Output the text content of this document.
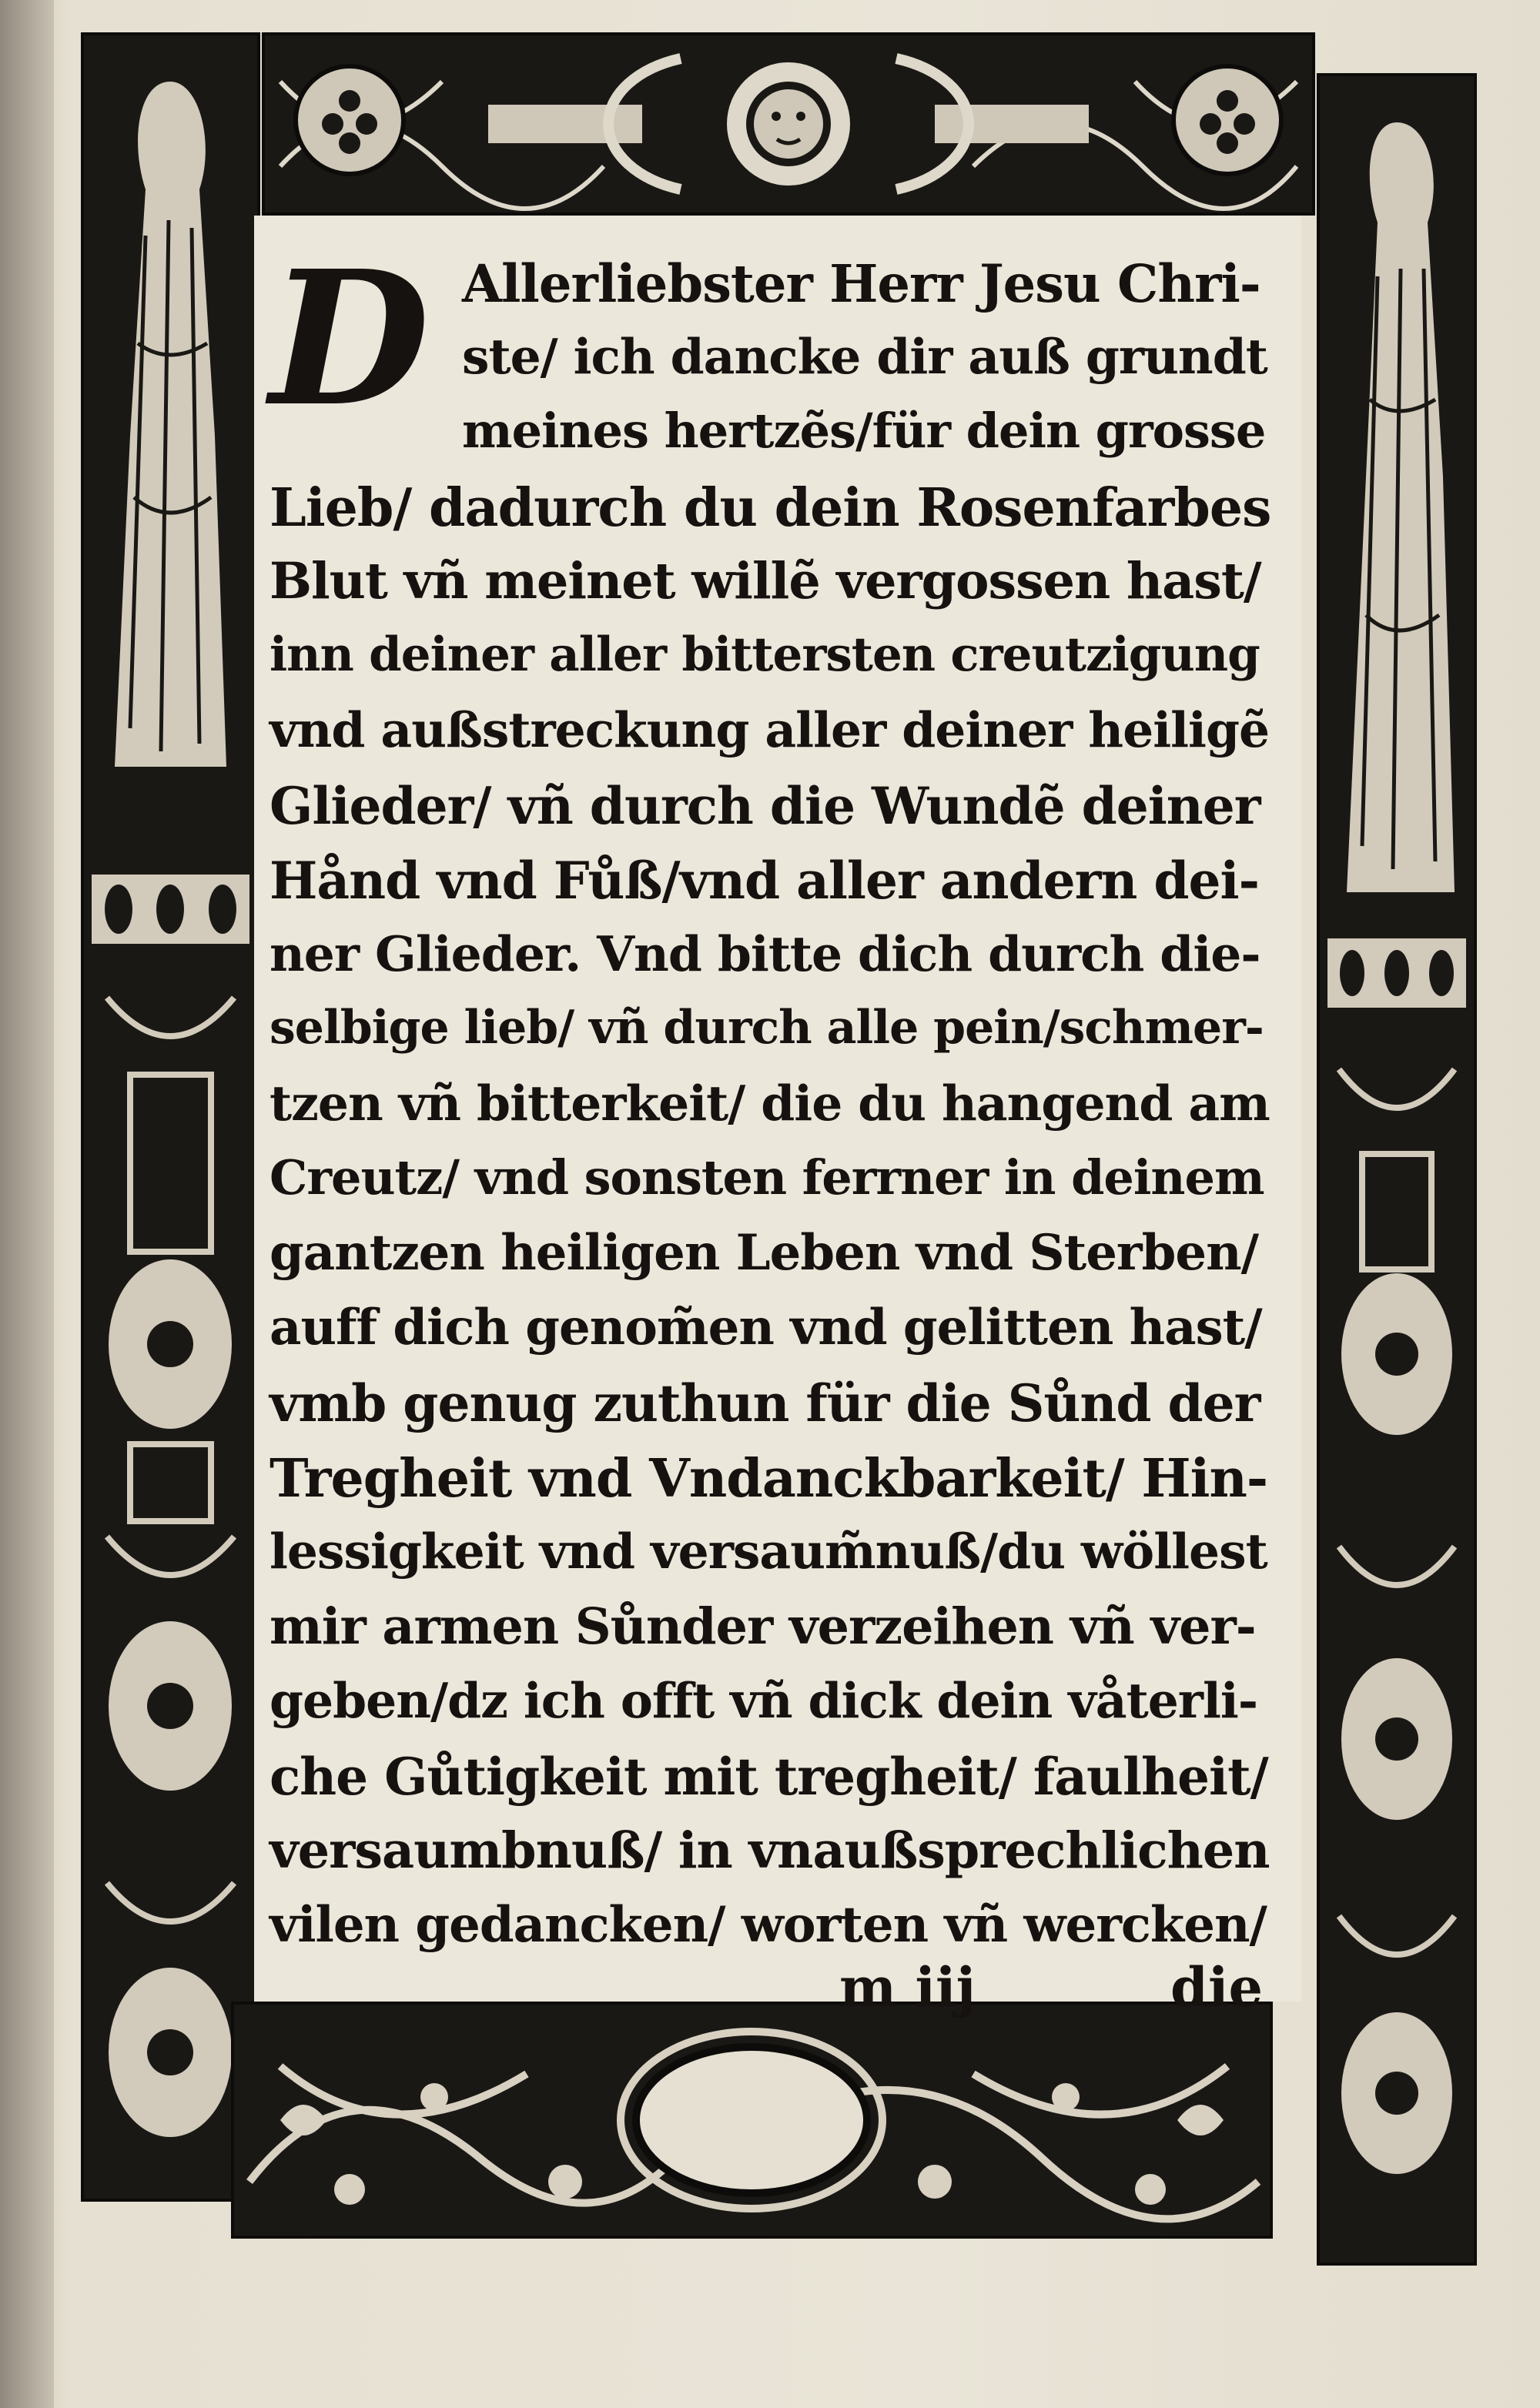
D Allerliebster Herr Jesu Chri-
ste/ ich dancke dir auß grundt
meines hertzẽs/für dein grosse
Lieb/ dadurch du dein Rosenfarbes
Blut vñ meinet willẽ vergossen hast/
inn deiner aller bittersten creutzigung
vnd außstreckung aller deiner heiligẽ
Glieder/ vñ durch die Wundẽ deiner
Hånd vnd Fůß/vnd aller andern dei-
ner Glieder. Vnd bitte dich durch die-
selbige lieb/ vñ durch alle pein/schmer-
tzen vñ bitterkeit/ die du hangend am
Creutz/ vnd sonsten ferrner in deinem
gantzen heiligen Leben vnd Sterben/
auff dich genom̃en vnd gelitten hast/
vmb genug zuthun für die Sůnd der
Tregheit vnd Vndanckbarkeit/ Hin-
lessigkeit vnd versaum̃nuß/du wöllest
mir armen Sůnder verzeihen vñ ver-
geben/dz ich offt vñ dick dein våterli-
che Gůtigkeit mit tregheit/ faulheit/
versaumbnuß/ in vnaußsprechlichen
vilen gedancken/ worten vñ wercken/
m iij	die
